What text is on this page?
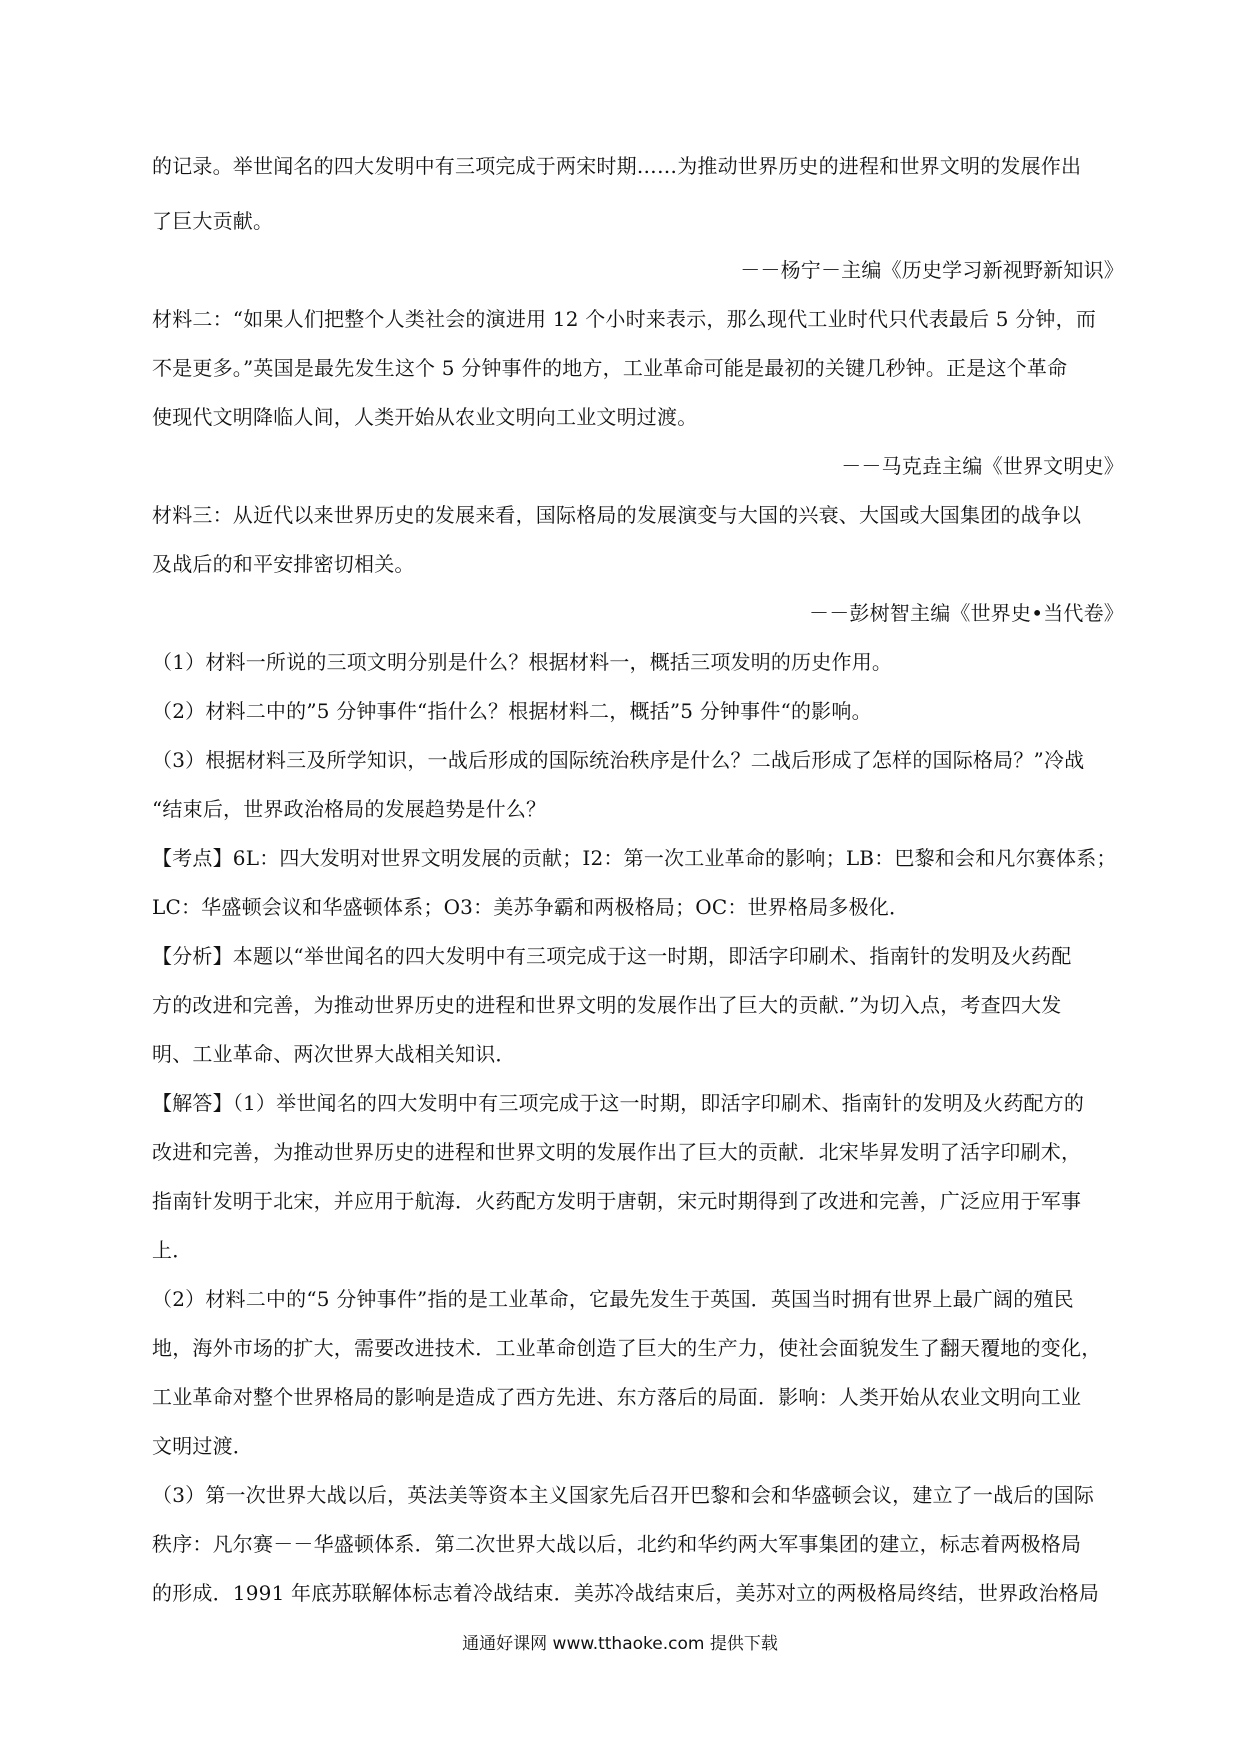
的记录。举世闻名的四大发明中有三项完成于两宋时期……为推动世界历史的进程和世界文明的发展作出
了巨大贡献。
－－杨宁－主编《历史学习新视野新知识》
材料二：“如果人们把整个人类社会的演进用 12 个小时来表示，那么现代工业时代只代表最后 5 分钟，而
不是更多。”英国是最先发生这个 5 分钟事件的地方，工业革命可能是最初的关键几秒钟。正是这个革命
使现代文明降临人间，人类开始从农业文明向工业文明过渡。
－－马克垚主编《世界文明史》
材料三：从近代以来世界历史的发展来看，国际格局的发展演变与大国的兴衰、大国或大国集团的战争以
及战后的和平安排密切相关。
－－彭树智主编《世界史•当代卷》
（1）材料一所说的三项文明分别是什么？根据材料一，概括三项发明的历史作用。
（2）材料二中的”5 分钟事件“指什么？根据材料二，概括”5 分钟事件“的影响。
（3）根据材料三及所学知识，一战后形成的国际统治秩序是什么？二战后形成了怎样的国际格局？”冷战
“结束后，世界政治格局的发展趋势是什么？
【考点】6L：四大发明对世界文明发展的贡献；I2：第一次工业革命的影响；LB：巴黎和会和凡尔赛体系；
LC：华盛顿会议和华盛顿体系；O3：美苏争霸和两极格局；OC：世界格局多极化．
【分析】本题以“举世闻名的四大发明中有三项完成于这一时期，即活字印刷术、指南针的发明及火药配
方的改进和完善，为推动世界历史的进程和世界文明的发展作出了巨大的贡献．”为切入点，考查四大发
明、工业革命、两次世界大战相关知识．
【解答】（1）举世闻名的四大发明中有三项完成于这一时期，即活字印刷术、指南针的发明及火药配方的
改进和完善，为推动世界历史的进程和世界文明的发展作出了巨大的贡献．北宋毕昇发明了活字印刷术，
指南针发明于北宋，并应用于航海．火药配方发明于唐朝，宋元时期得到了改进和完善，广泛应用于军事
上．
（2）材料二中的“5 分钟事件”指的是工业革命，它最先发生于英国．英国当时拥有世界上最广阔的殖民
地，海外市场的扩大，需要改进技术．工业革命创造了巨大的生产力，使社会面貌发生了翻天覆地的变化，
工业革命对整个世界格局的影响是造成了西方先进、东方落后的局面．影响：人类开始从农业文明向工业
文明过渡．
（3）第一次世界大战以后，英法美等资本主义国家先后召开巴黎和会和华盛顿会议，建立了一战后的国际
秩序：凡尔赛－－华盛顿体系．第二次世界大战以后，北约和华约两大军事集团的建立，标志着两极格局
的形成．1991 年底苏联解体标志着冷战结束．美苏冷战结束后，美苏对立的两极格局终结，世界政治格局
通通好课网 www.tthaoke.com 提供下载
